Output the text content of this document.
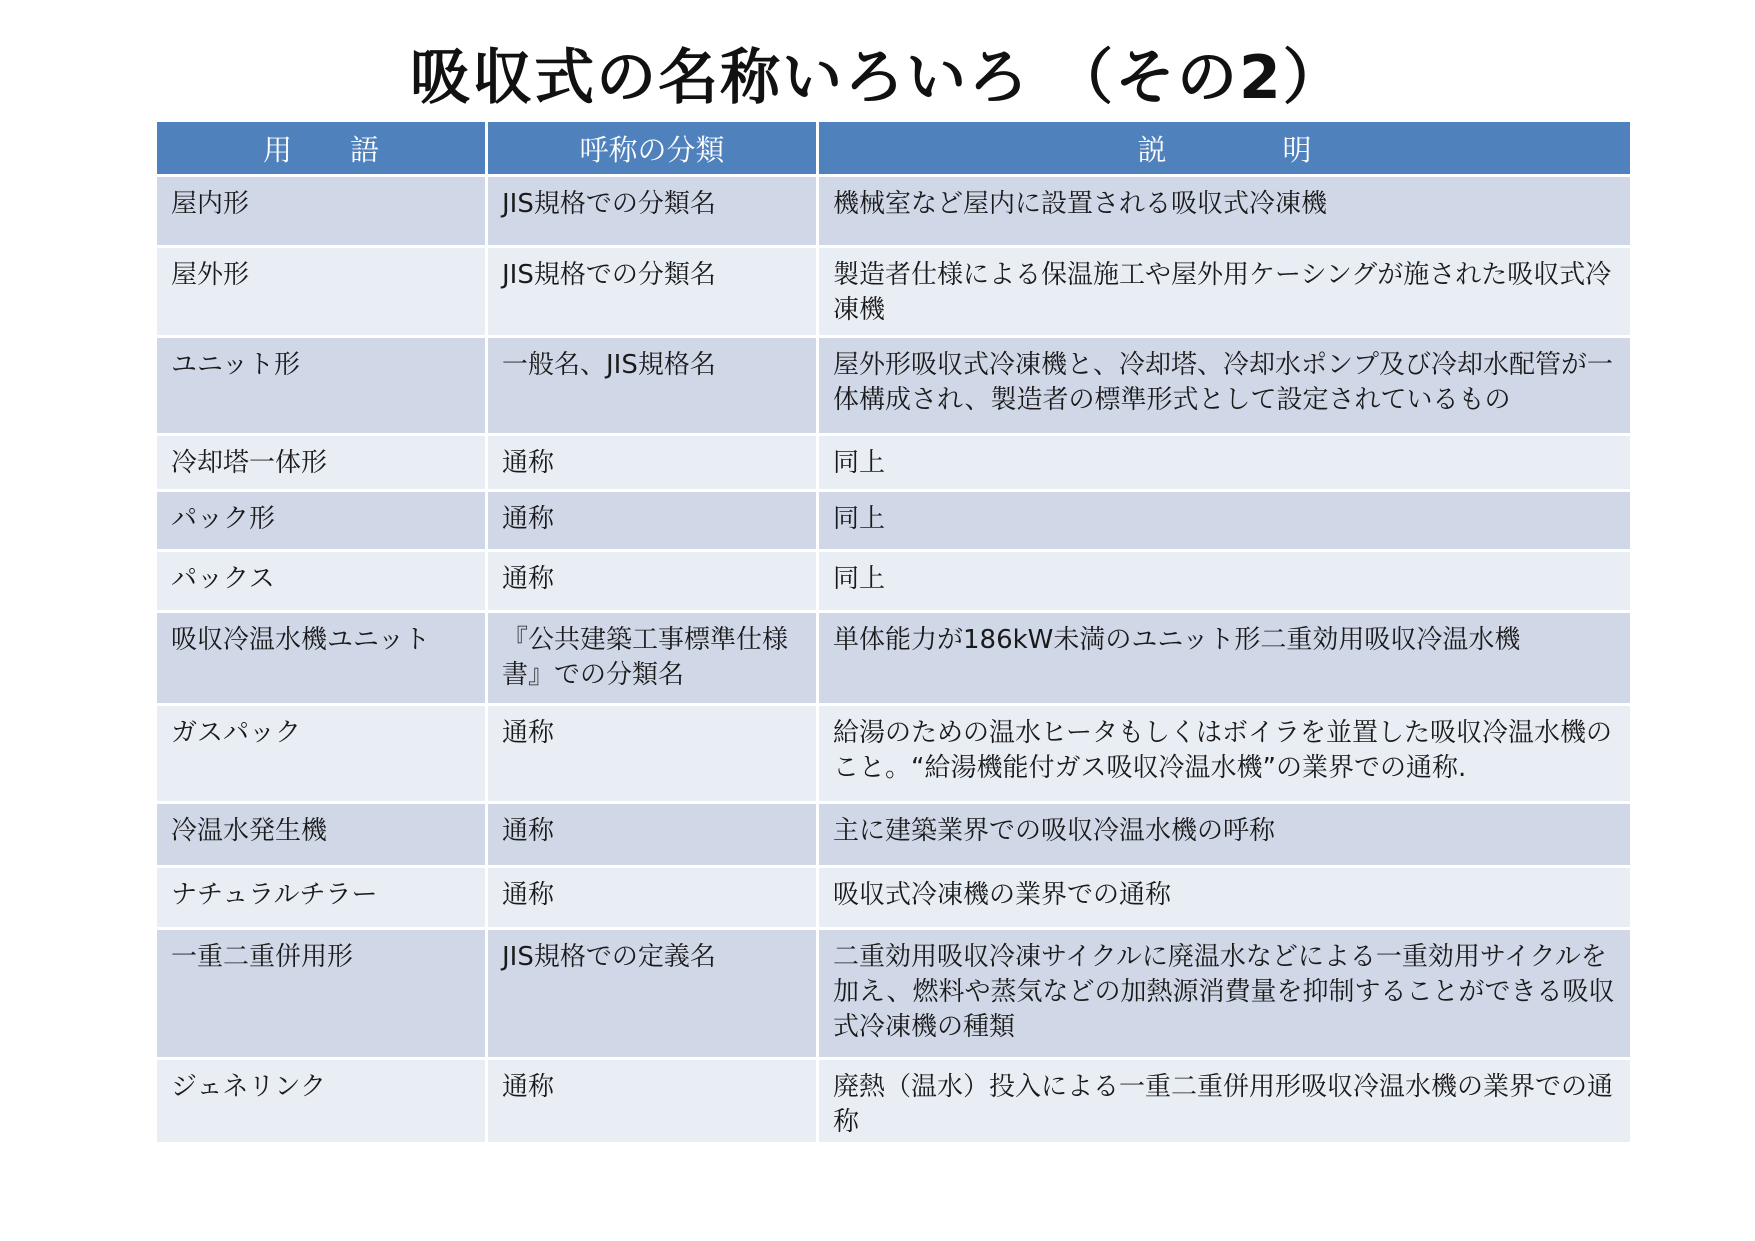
吸収式の名称いろいろ （その2）
用　　語	呼称の分類	説　　　　明
屋内形	JIS規格での分類名	機械室など屋内に設置される吸収式冷凍機
屋外形	JIS規格での分類名	製造者仕様による保温施工や屋外用ケーシングが施された吸収式冷凍機
ユニット形	一般名、JIS規格名	屋外形吸収式冷凍機と、冷却塔、冷却水ポンプ及び冷却水配管が一体構成され、製造者の標準形式として設定されているもの
冷却塔一体形	通称	同上
パック形	通称	同上
パックス	通称	同上
吸収冷温水機ユニット	『公共建築工事標準仕様書』での分類名	単体能力が186kW未満のユニット形二重効用吸収冷温水機
ガスパック	通称	給湯のための温水ヒータもしくはボイラを並置した吸収冷温水機のこと。“給湯機能付ガス吸収冷温水機”の業界での通称.
冷温水発生機	通称	主に建築業界での吸収冷温水機の呼称
ナチュラルチラー	通称	吸収式冷凍機の業界での通称
一重二重併用形	JIS規格での定義名	二重効用吸収冷凍サイクルに廃温水などによる一重効用サイクルを加え、燃料や蒸気などの加熱源消費量を抑制することができる吸収式冷凍機の種類
ジェネリンク	通称	廃熱（温水）投入による一重二重併用形吸収冷温水機の業界での通称
